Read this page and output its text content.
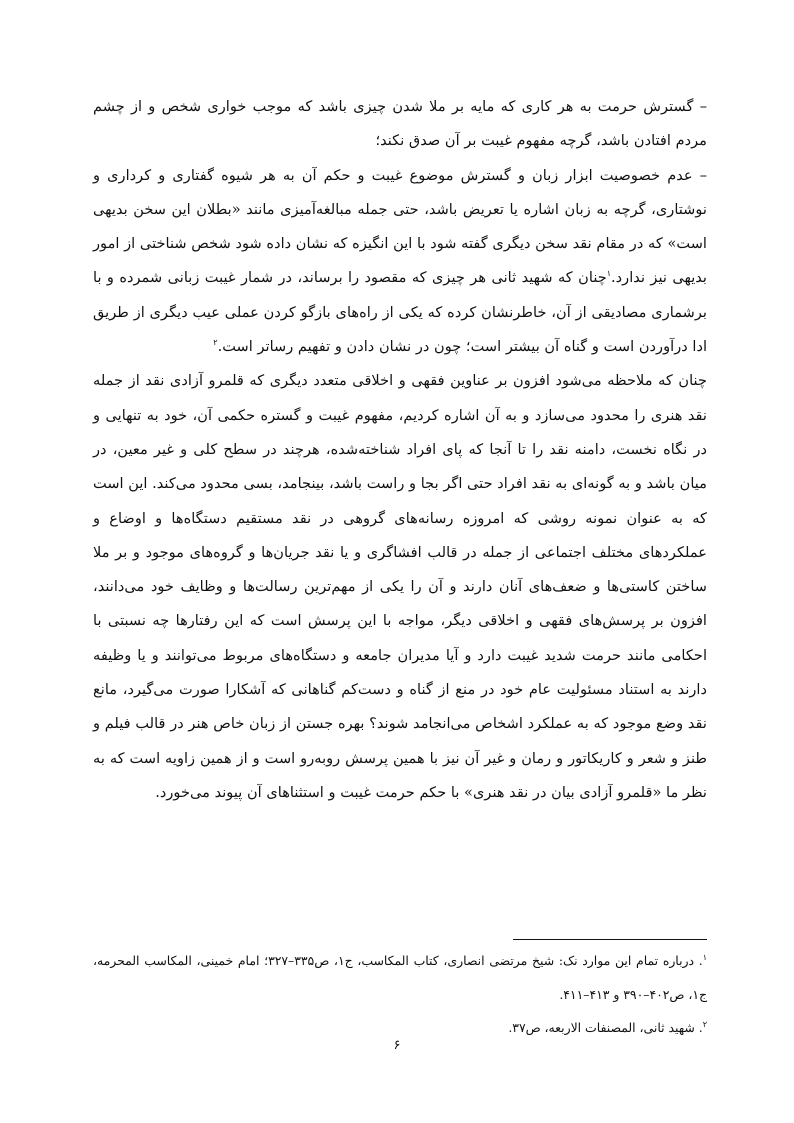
– گسترش حرمت به هر کاری که مایه بر ملا شدن چیزی باشد که موجب خواری شخص و از چشم مردم افتادن باشد، گرچه مفهوم غیبت بر آن صدق نکند؛

– عدم خصوصیت ابزار زبان و گسترش موضوع غیبت و حکم آن به هر شیوه گفتاری و کرداری و نوشتاری، گرچه به زبان اشاره یا تعریض باشد، حتی جمله مبالغه‌آمیزی مانند «بطلان این سخن بدیهی است» که در مقام نقد سخن دیگری گفته شود با این انگیزه که نشان داده شود شخص شناختی از امور بدیهی نیز ندارد.$^۱$چنان که شهید ثانی هر چیزی که مقصود را برساند، در شمار غیبت زبانی شمرده و با برشماری مصادیقی از آن، خاطرنشان کرده که یکی از راه‌های بازگو کردن عملی عیب دیگری از طریق ادا درآوردن است و گناه آن بیشتر است؛ چون در نشان دادن و تفهیم رساتر است.$^۲$

چنان که ملاحظه می‌شود افزون بر عناوین فقهی و اخلاقی متعدد دیگری که قلمرو آزادی نقد از جمله نقد هنری را محدود می‌سازد و به آن اشاره کردیم، مفهوم غیبت و گستره حکمی آن، خود به تنهایی و در نگاه نخست، دامنه نقد را تا آنجا که پای افراد شناخته‌شده، هرچند در سطح کلی و غیر معین، در میان باشد و به گونه‌ای به نقد افراد حتی اگر بجا و راست باشد، بینجامد، بسی محدود می‌کند. این است که به عنوان نمونه روشی که امروزه رسانه‌های گروهی در نقد مستقیم دستگاه‌ها و اوضاع و عملکردهای مختلف اجتماعی از جمله در قالب افشاگری و یا نقد جریان‌ها و گروه‌های موجود و بر ملا ساختن کاستی‌ها و ضعف‌های آنان دارند و آن را یکی از مهم‌ترین رسالت‌ها و وظایف خود می‌دانند، افزون بر پرسش‌های فقهی و اخلاقی دیگر، مواجه با این پرسش است که این رفتارها چه نسبتی با احکامی مانند حرمت شدید غیبت دارد و آیا مدیران جامعه و دستگاه‌های مربوط می‌توانند و یا وظیفه دارند به استناد مسئولیت عام خود در منع از گناه و دست‌کم گناهانی که آشکارا صورت می‌گیرد، مانع نقد وضع موجود که به عملکرد اشخاص می‌انجامد شوند؟ بهره جستن از زبان خاص هنر در قالب فیلم و طنز و شعر و کاریکاتور و رمان و غیر آن نیز با همین پرسش روبه‌رو است و از همین زاویه است که به نظر ما «قلمرو آزادی بیان در نقد هنری» با حکم حرمت غیبت و استثناهای آن پیوند می‌خورد.

$^۱$. درباره تمام این موارد نک: شیخ مرتضی انصاری، کتاب المکاسب، ج۱، ص۳۳۵–۳۲۷؛ امام خمینی، المکاسب المحرمه، ج۱، ص۴۰۲–۳۹۰ و ۴۱۳–۴۱۱.

$^۲$. شهید ثانی، المصنفات الاربعه، ص۳۷.

۶
